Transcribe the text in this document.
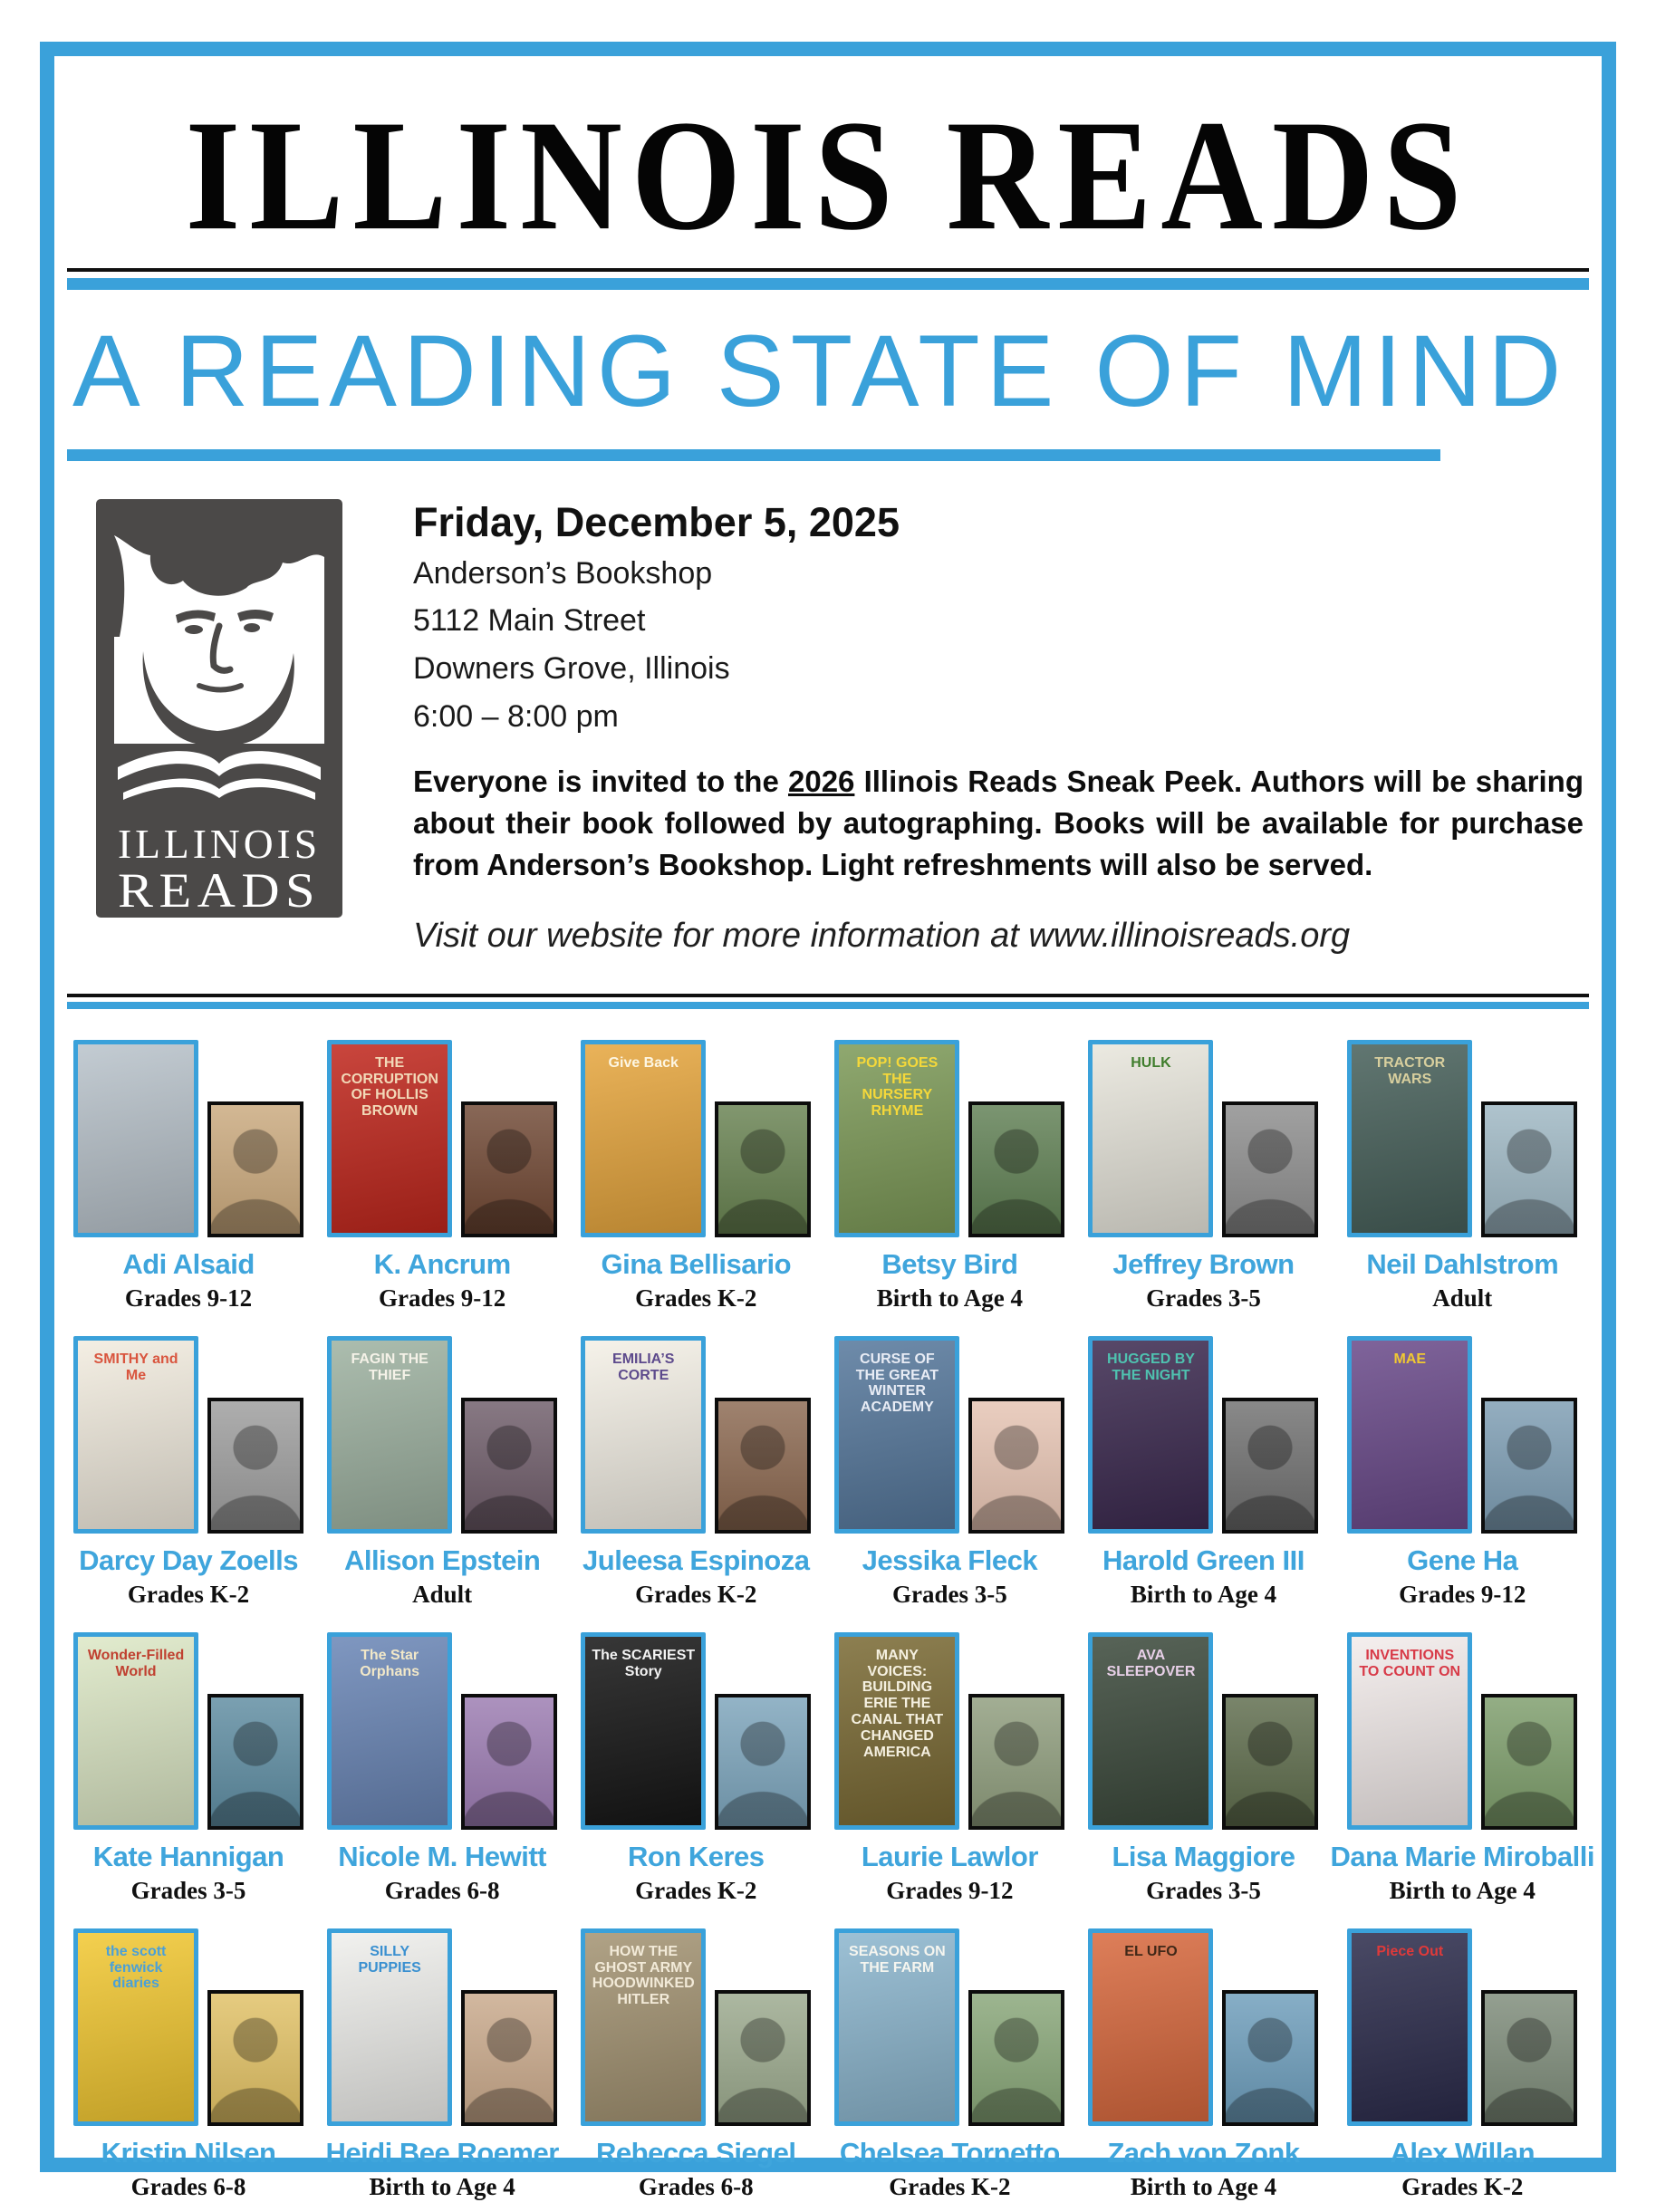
ILLINOIS READS
A READING STATE OF MIND
ILLINOIS
READS
Friday, December 5, 2025
Anderson’s Bookshop
5112 Main Street
Downers Grove, Illinois
6:00 – 8:00 pm

Everyone is invited to the 2026 Illinois Reads Sneak Peek. Authors will be sharing about their book followed by autographing. Books will be available for purchase from Anderson’s Bookshop. Light refreshments will also be served.

Visit our website for more information at www.illinoisreads.org
Adi Alsaid
Grades 9-12
THE CORRUPTION OF HOLLIS BROWN
K. Ancrum
Grades 9-12
Give Back
Gina Bellisario
Grades K-2
POP! GOES THE NURSERY RHYME
Betsy Bird
Birth to Age 4
HULK
Jeffrey Brown
Grades 3-5
TRACTOR WARS
Neil Dahlstrom
Adult
SMITHY and Me
Darcy Day Zoells
Grades K-2
FAGIN THE THIEF
Allison Epstein
Adult
EMILIA’S CORTE
Juleesa Espinoza
Grades K-2
CURSE OF THE GREAT WINTER ACADEMY
Jessika Fleck
Grades 3-5
HUGGED BY THE NIGHT
Harold Green III
Birth to Age 4
MAE
Gene Ha
Grades 9-12
Wonder-Filled World
Kate Hannigan
Grades 3-5
The Star Orphans
Nicole M. Hewitt
Grades 6-8
The SCARIEST Story
Ron Keres
Grades K-2
MANY VOICES: BUILDING ERIE THE CANAL THAT CHANGED AMERICA
Laurie Lawlor
Grades 9-12
AVA SLEEPOVER
Lisa Maggiore
Grades 3-5
INVENTIONS TO COUNT ON
Dana Marie Miroballi
Birth to Age 4
the scott fenwick diaries
Kristin Nilsen
Grades 6-8
SILLY PUPPIES
Heidi Bee Roemer
Birth to Age 4
HOW THE GHOST ARMY HOODWINKED HITLER
Rebecca Siegel
Grades 6-8
SEASONS ON THE FARM
Chelsea Tornetto
Grades K-2
EL UFO
Zach von Zonk
Birth to Age 4
Piece Out
Alex Willan
Grades K-2
